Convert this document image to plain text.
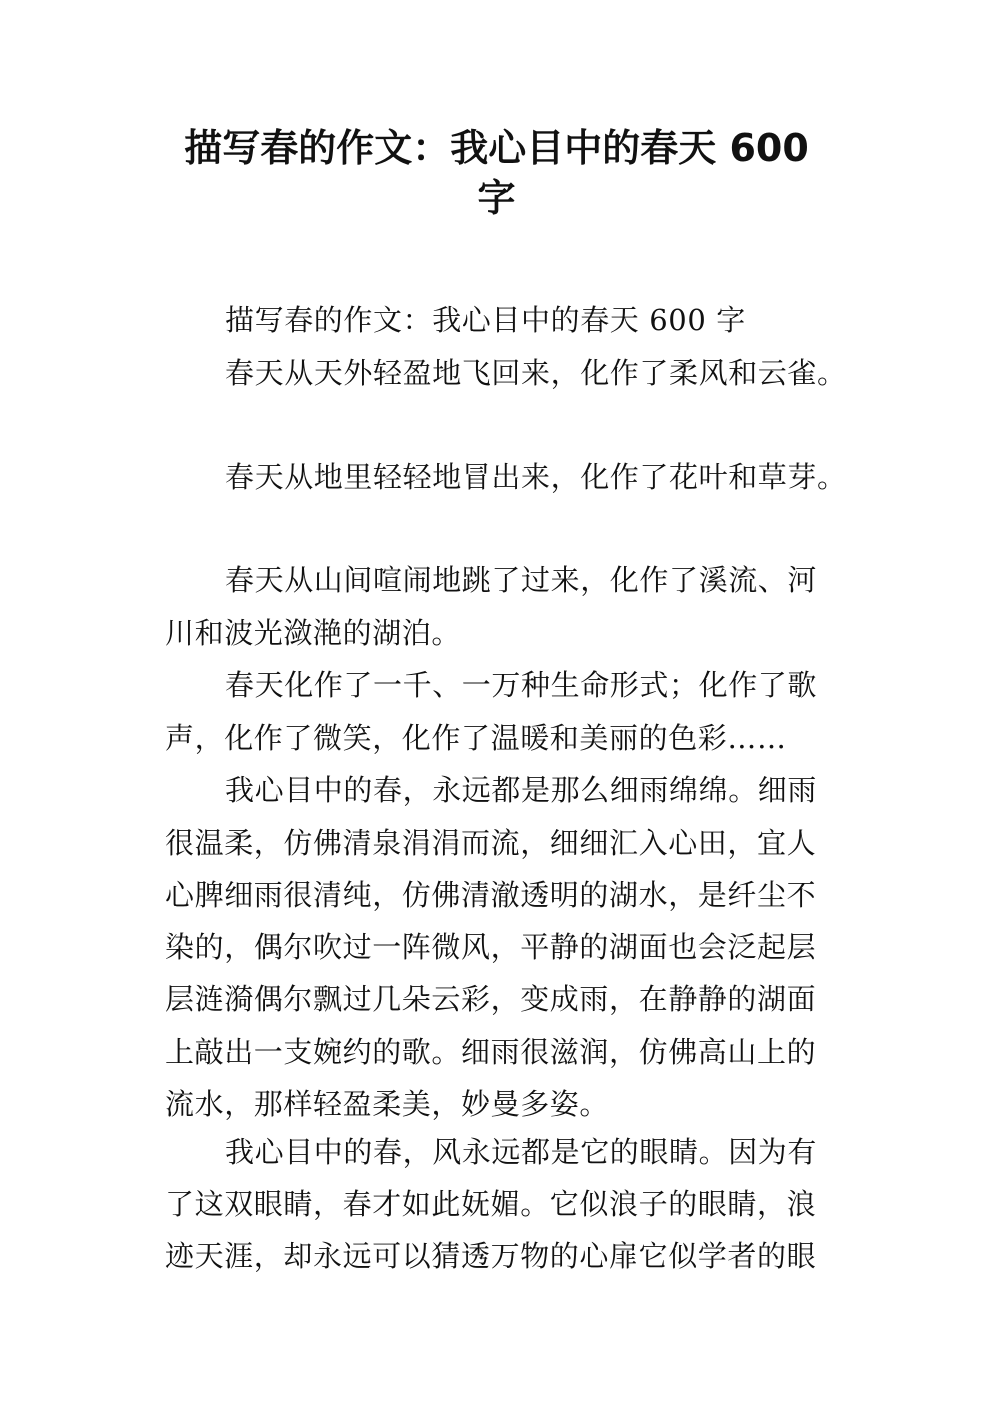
描写春的作文：我心目中的春天 600
字
描写春的作文：我心目中的春天 600 字
春天从天外轻盈地飞回来，化作了柔风和云雀。
春天从地里轻轻地冒出来，化作了花叶和草芽。
春天从山间喧闹地跳了过来，化作了溪流、河
川和波光潋滟的湖泊。
春天化作了一千、一万种生命形式；化作了歌
声，化作了微笑，化作了温暖和美丽的色彩……
我心目中的春，永远都是那么细雨绵绵。细雨
很温柔，仿佛清泉涓涓而流，细细汇入心田，宜人
心脾细雨很清纯，仿佛清澈透明的湖水，是纤尘不
染的，偶尔吹过一阵微风，平静的湖面也会泛起层
层涟漪偶尔飘过几朵云彩，变成雨，在静静的湖面
上敲出一支婉约的歌。细雨很滋润，仿佛高山上的
流水，那样轻盈柔美，妙曼多姿。
我心目中的春，风永远都是它的眼睛。因为有
了这双眼睛，春才如此妩媚。它似浪子的眼睛，浪
迹天涯，却永远可以猜透万物的心扉它似学者的眼
